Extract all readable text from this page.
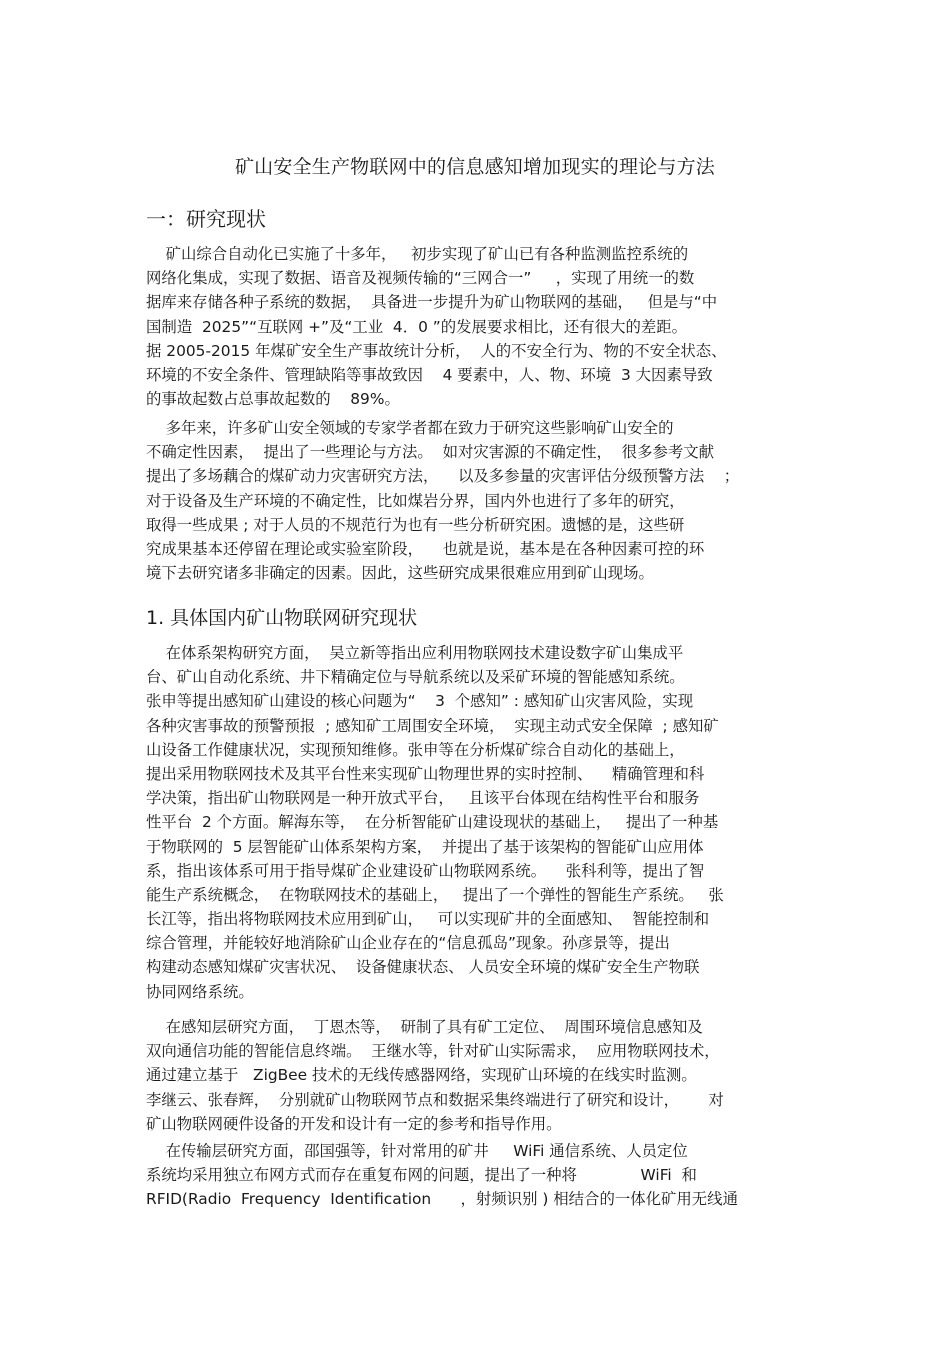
矿山安全生产物联网中的信息感知增加现实的理论与方法
一：研究现状
矿山综合自动化已实施了十多年，   初步实现了矿山已有各种监测监控系统的
网络化集成，实现了数据、语音及视频传输的“三网合一”     ，实现了用统一的数
据库来存储各种子系统的数据，  具备进一步提升为矿山物联网的基础，   但是与“中
国制造  2025”“互联网 +”及“工业  4．0 ”的发展要求相比，还有很大的差距。
据 2005-2015 年煤矿安全生产事故统计分析，  人的不安全行为、物的不安全状态、
环境的不安全条件、管理缺陷等事故致因    4 要素中，人、物、环境  3 大因素导致
的事故起数占总事故起数的    89%。
多年来，许多矿山安全领域的专家学者都在致力于研究这些影响矿山安全的
不确定性因素，  提出了一些理论与方法。  如对灾害源的不确定性，  很多参考文献
提出了多场藕合的煤矿动力灾害研究方法，    以及多参量的灾害评估分级预警方法    ；
对于设备及生产环境的不确定性，比如煤岩分界，国内外也进行了多年的研究，
取得一些成果 ; 对于人员的不规范行为也有一些分析研究困。遗憾的是，这些研
究成果基本还停留在理论或实验室阶段，    也就是说，基本是在各种因素可控的环
境下去研究诸多非确定的因素。因此，这些研究成果很难应用到矿山现场。
1. 具体国内矿山物联网研究现状
在体系架构研究方面，  吴立新等指出应利用物联网技术建设数字矿山集成平
台、矿山自动化系统、井下精确定位与导航系统以及采矿环境的智能感知系统。
张申等提出感知矿山建设的核心问题为“    3  个感知” : 感知矿山灾害风险，实现
各种灾害事故的预警预报  ; 感知矿工周围安全环境，  实现主动式安全保障  ; 感知矿
山设备工作健康状况，实现预知维修。张申等在分析煤矿综合自动化的基础上，
提出采用物联网技术及其平台性来实现矿山物理世界的实时控制、    精确管理和科
学决策，指出矿山物联网是一种开放式平台，   且该平台体现在结构性平台和服务
性平台  2 个方面。解海东等，  在分析智能矿山建设现状的基础上，   提出了一种基
于物联网的  5 层智能矿山体系架构方案，  并提出了基于该架构的智能矿山应用体
系，指出该体系可用于指导煤矿企业建设矿山物联网系统。    张科利等，提出了智
能生产系统概念，  在物联网技术的基础上，   提出了一个弹性的智能生产系统。   张
长江等，指出将物联网技术应用到矿山，   可以实现矿井的全面感知、  智能控制和
综合管理，并能较好地消除矿山企业存在的“信息孤岛”现象。孙彦景等，提出
构建动态感知煤矿灾害状况、  设备健康状态、 人员安全环境的煤矿安全生产物联
协同网络系统。
在感知层研究方面，  丁恩杰等，  研制了具有矿工定位、  周围环境信息感知及
双向通信功能的智能信息终端。  王继水等，针对矿山实际需求，  应用物联网技术，
通过建立基于   ZigBee 技术的无线传感器网络，实现矿山环境的在线实时监测。
李继云、张春辉，  分别就矿山物联网节点和数据采集终端进行了研究和设计，      对
矿山物联网硬件设备的开发和设计有一定的参考和指导作用。
在传输层研究方面，邵国强等，针对常用的矿井     WiFi 通信系统、人员定位
系统均采用独立布网方式而存在重复布网的问题，提出了一种将             WiFi  和
RFID(Radio  Frequency  Identification      ，射频识别 ) 相结合的一体化矿用无线通
